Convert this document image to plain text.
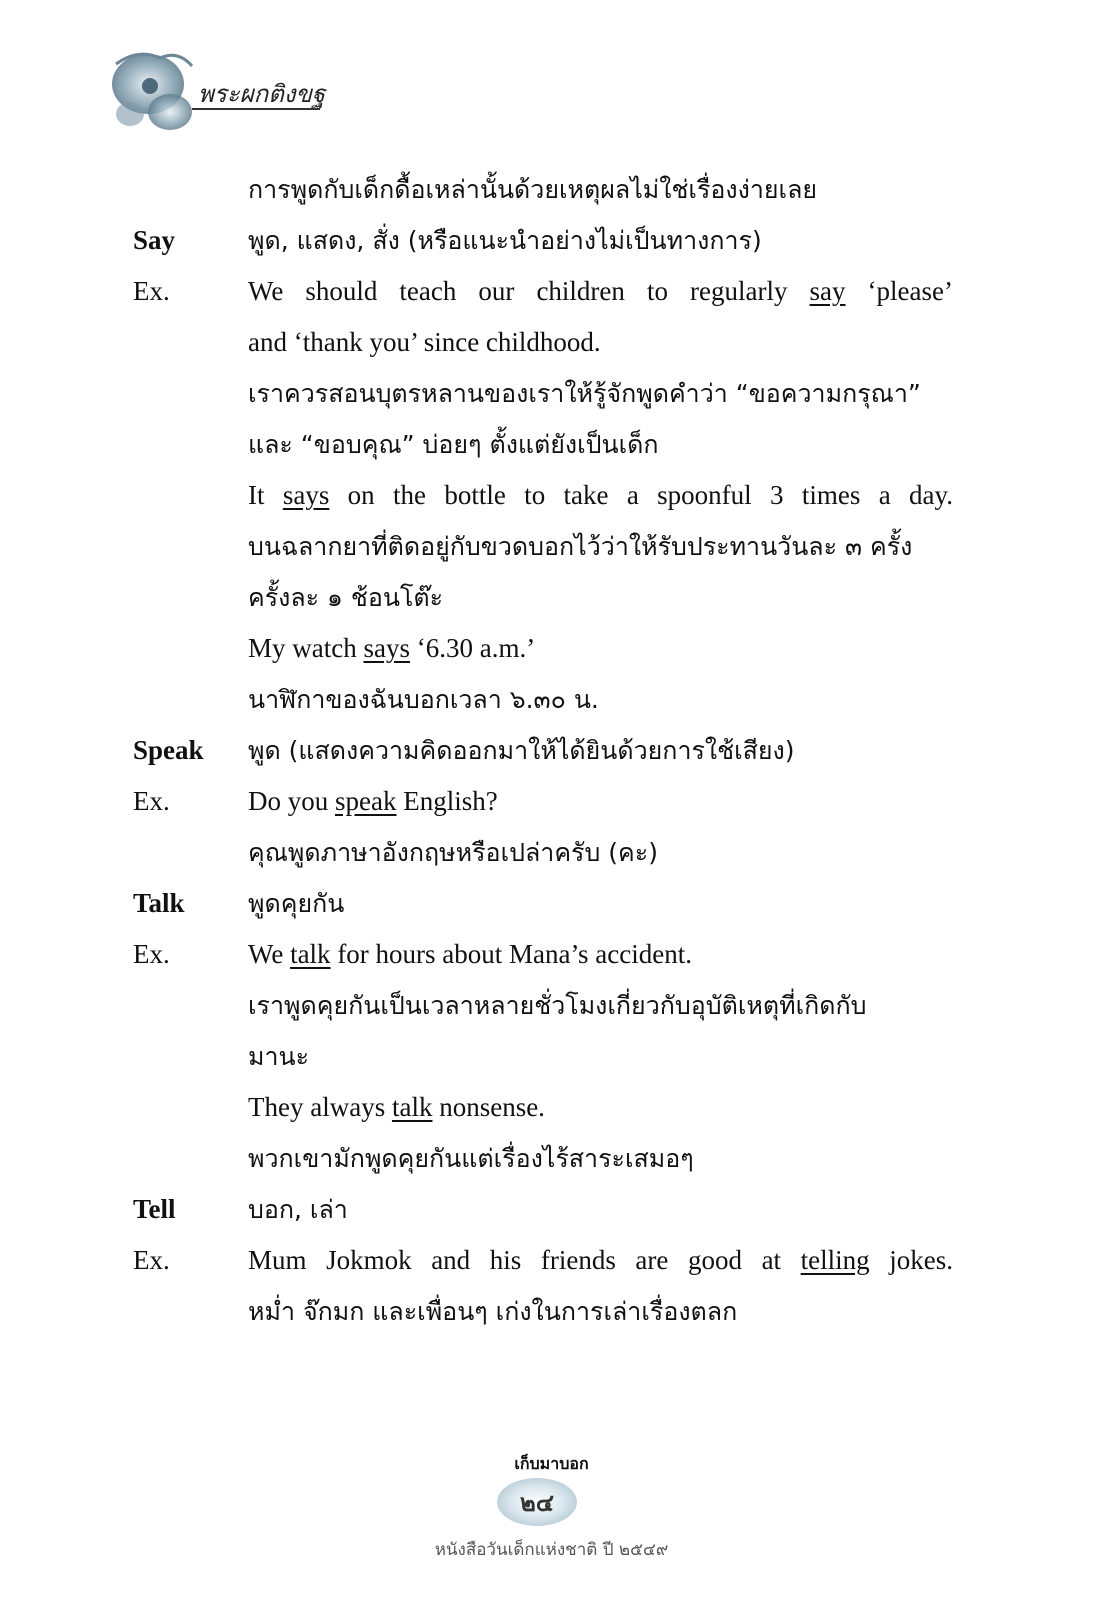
พระผกติงขฐ
การพูดกับเด็กดื้อเหล่านั้นด้วยเหตุผลไม่ใช่เรื่องง่ายเลย
Say	พูด, แสดง, สั่ง (หรือแนะนำอย่างไม่เป็นทางการ)
Ex.	We should teach our children to regularly say ‘please’
and ‘thank you’ since childhood.
เราควรสอนบุตรหลานของเราให้รู้จักพูดคำว่า “ขอความกรุณา”
และ “ขอบคุณ” บ่อยๆ ตั้งแต่ยังเป็นเด็ก
It says on the bottle to take a spoonful 3 times a day.
บนฉลากยาที่ติดอยู่กับขวดบอกไว้ว่าให้รับประทานวันละ ๓ ครั้ง
ครั้งละ ๑ ช้อนโต๊ะ
My watch says ‘6.30 a.m.’
นาฬิกาของฉันบอกเวลา ๖.๓๐ น.
Speak	พูด (แสดงความคิดออกมาให้ได้ยินด้วยการใช้เสียง)
Ex.	Do you speak English?
คุณพูดภาษาอังกฤษหรือเปล่าครับ (คะ)
Talk	พูดคุยกัน
Ex.	We talk for hours about Mana’s accident.
เราพูดคุยกันเป็นเวลาหลายชั่วโมงเกี่ยวกับอุบัติเหตุที่เกิดกับ
มานะ
They always talk nonsense.
พวกเขามักพูดคุยกันแต่เรื่องไร้สาระเสมอๆ
Tell	บอก, เล่า
Ex.	Mum Jokmok and his friends are good at telling jokes.
หม่ำ จ๊กมก และเพื่อนๆ เก่งในการเล่าเรื่องตลก
เก็บมาบอก
๒๔
หนังสือวันเด็กแห่งชาติ ปี ๒๕๔๙
